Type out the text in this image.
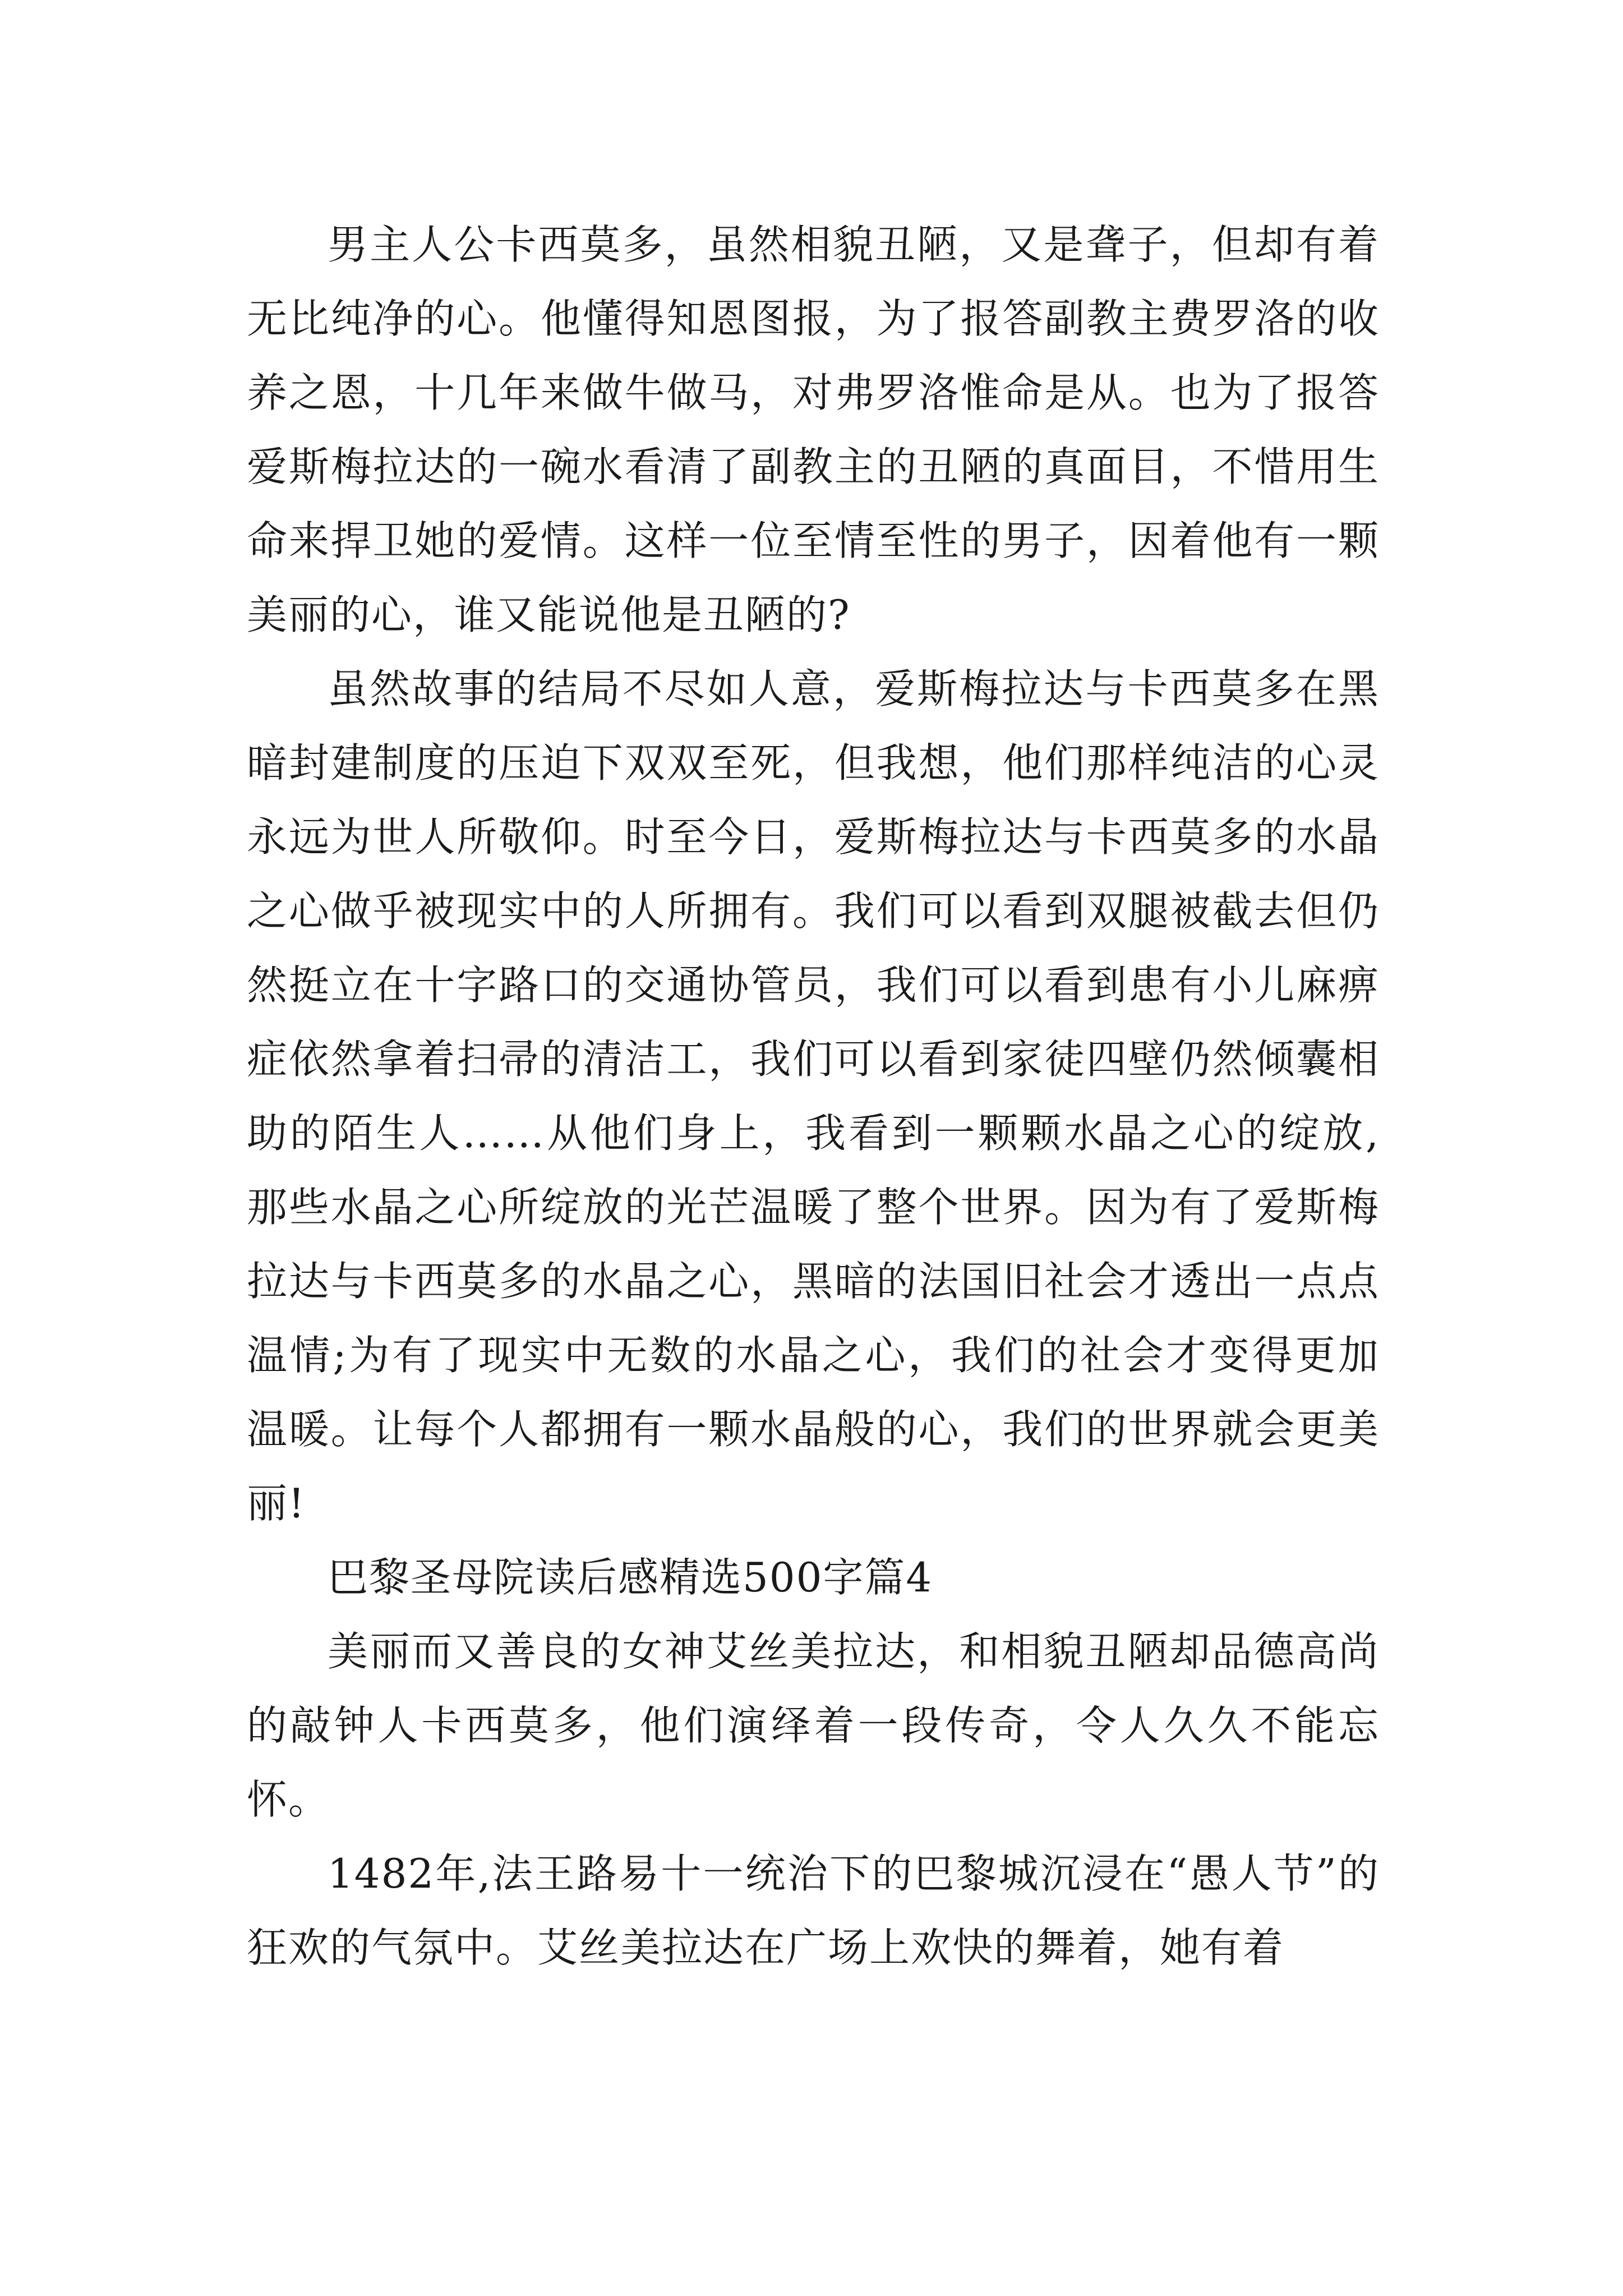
男主人公卡西莫多，虽然相貌丑陋，又是聋子，但却有着无比纯净的心。他懂得知恩图报，为了报答副教主费罗洛的收养之恩，十几年来做牛做马，对弗罗洛惟命是从。也为了报答爱斯梅拉达的一碗水看清了副教主的丑陋的真面目，不惜用生命来捍卫她的爱情。这样一位至情至性的男子，因着他有一颗美丽的心，谁又能说他是丑陋的?

虽然故事的结局不尽如人意，爱斯梅拉达与卡西莫多在黑暗封建制度的压迫下双双至死，但我想，他们那样纯洁的心灵永远为世人所敬仰。时至今日，爱斯梅拉达与卡西莫多的水晶之心做乎被现实中的人所拥有。我们可以看到双腿被截去但仍然挺立在十字路口的交通协管员，我们可以看到患有小儿麻痹症依然拿着扫帚的清洁工，我们可以看到家徒四壁仍然倾囊相助的陌生人……从他们身上，我看到一颗颗水晶之心的绽放,那些水晶之心所绽放的光芒温暖了整个世界。因为有了爱斯梅拉达与卡西莫多的水晶之心，黑暗的法国旧社会才透出一点点温情;为有了现实中无数的水晶之心，我们的社会才变得更加温暖。让每个人都拥有一颗水晶般的心，我们的世界就会更美丽!

巴黎圣母院读后感精选500字篇4

美丽而又善良的女神艾丝美拉达，和相貌丑陋却品德高尚的敲钟人卡西莫多，他们演绎着一段传奇，令人久久不能忘怀。

1482年,法王路易十一统治下的巴黎城沉浸在“愚人节”的狂欢的气氛中。艾丝美拉达在广场上欢快的舞着，她有着
